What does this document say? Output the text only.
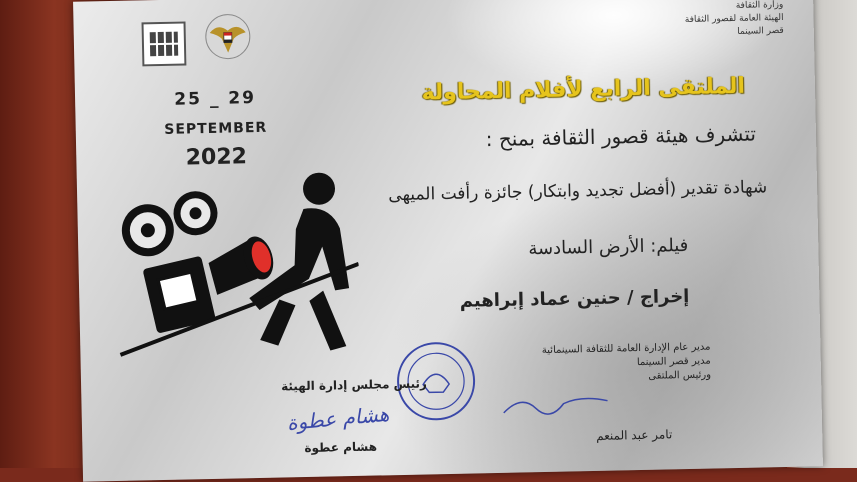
وزارة الثقافة
الهيئة العامة لقصور الثقافة
قصر السينما
25 _ 29
SEPTEMBER
2022
الملتقى الرابع لأفلام المحاولة
تتشرف هيئة قصور الثقافة بمنح :
شهادة تقدير (أفضل تجديد وابتكار) جائزة رأفت الميهى
فيلم: الأرض السادسة
إخراج / حنين عماد إبراهيم
مدير عام الإدارة العامة للثقافة السينمائية
مدير قصر السينما
ورئيس الملتقى
تامر عبد المنعم
رئيس مجلس إدارة الهيئة
هشام عطوة
هشام عطوة
